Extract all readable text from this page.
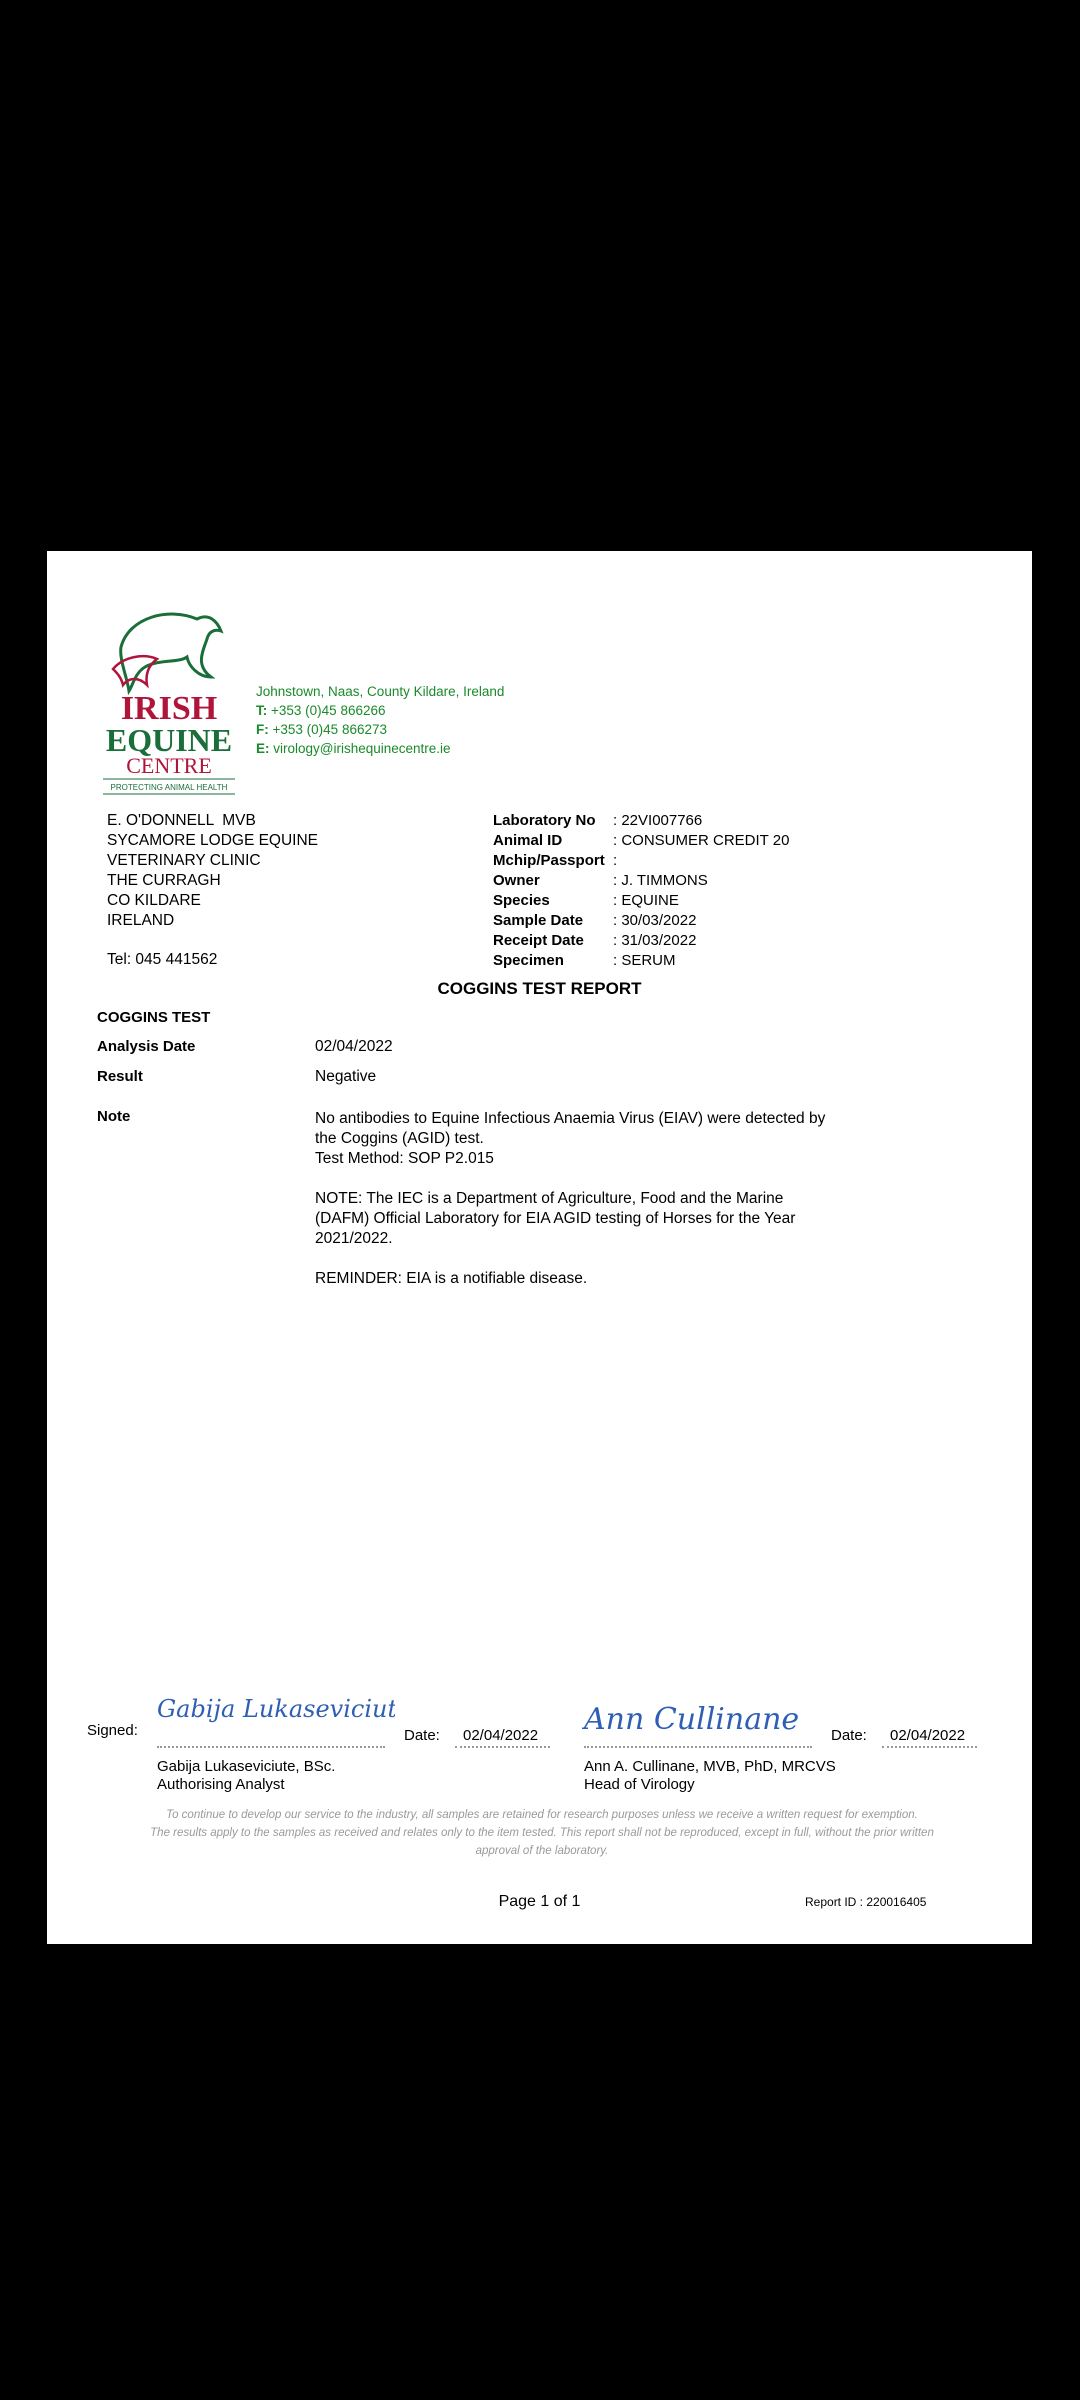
IRISH
EQUINE
CENTRE
PROTECTING ANIMAL HEALTH
Johnstown, Naas, County Kildare, Ireland
T: +353 (0)45 866266
F: +353 (0)45 866273
E: virology@irishequinecentre.ie
E. O'DONNELL  MVB
SYCAMORE LODGE EQUINE
VETERINARY CLINIC
THE CURRAGH
CO KILDARE
IRELAND
Tel: 045 441562
Laboratory No	: 22VI007766
Animal ID	: CONSUMER CREDIT 20
Mchip/Passport :
Owner	: J. TIMMONS
Species	: EQUINE
Sample Date	: 30/03/2022
Receipt Date	: 31/03/2022
Specimen	: SERUM
COGGINS TEST REPORT
COGGINS TEST
Analysis Date	02/04/2022
Result	Negative
Note	No antibodies to Equine Infectious Anaemia Virus (EIAV) were detected by the Coggins (AGID) test.
Test Method: SOP P2.015

NOTE: The IEC is a Department of Agriculture, Food and the Marine (DAFM) Official Laboratory for EIA AGID testing of Horses for the Year 2021/2022.

REMINDER: EIA is a notifiable disease.

Signed:
Gabija Lukaseviciute
Date: 02/04/2022
Gabija Lukaseviciute, BSc.
Authorising Analyst
Ann Cullinane Date: 02/04/2022
Ann A. Cullinane, MVB, PhD, MRCVS
Head of Virology
To continue to develop our service to the industry, all samples are retained for research purposes unless we receive a written request for exemption.
The results apply to the samples as received and relates only to the item tested. This report shall not be reproduced, except in full, without the prior written approval of the laboratory.
Page 1 of 1	Report ID : 220016405
